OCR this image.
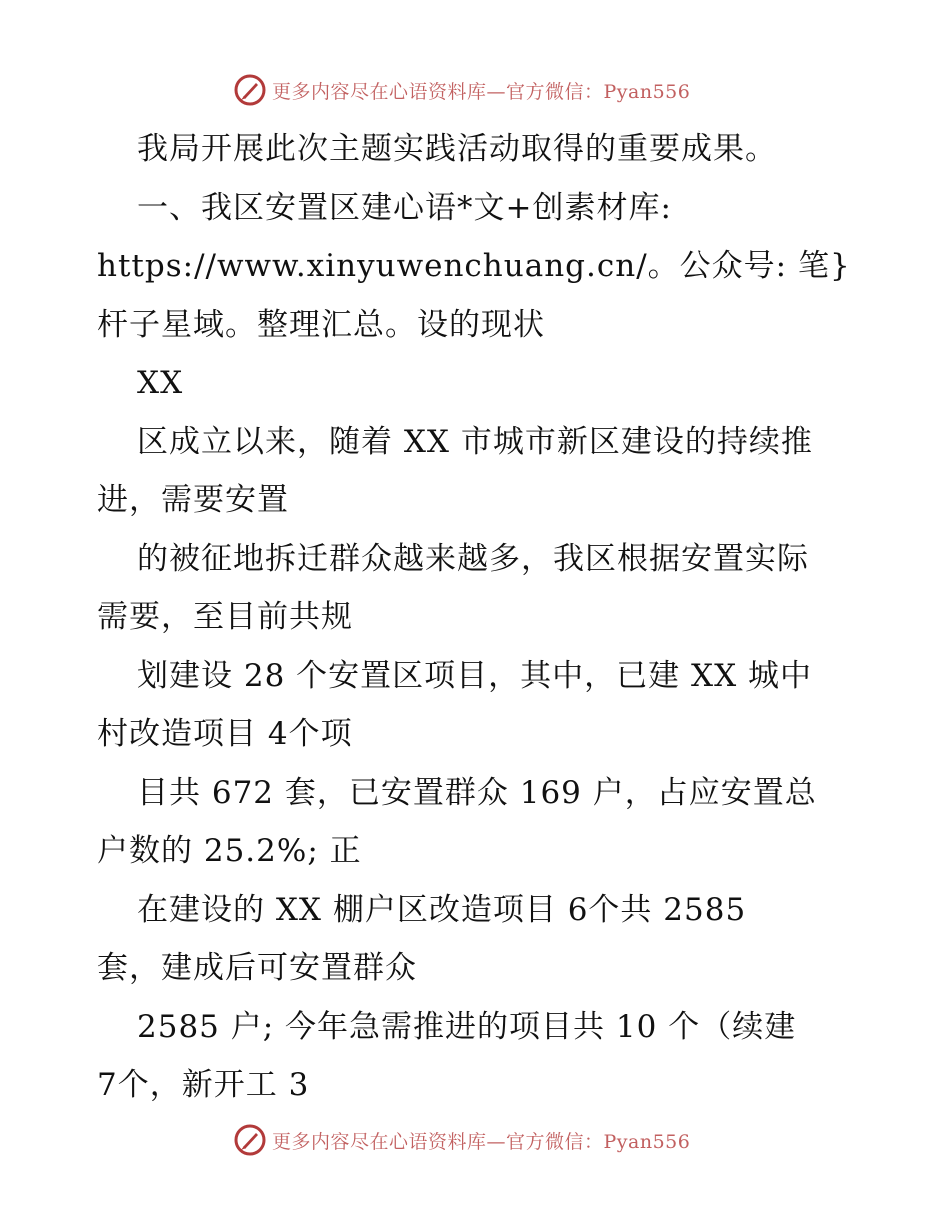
更多内容尽在心语资料库—官方微信：Pyan556
我局开展此次主题实践活动取得的重要成果。
一、我区安置区建心语*文+创素材库:
https://www.xinyuwenchuang.cn/。公众号: 笔}
杆子星域。整理汇总。设的现状
XX
区成立以来，随着 XX 市城市新区建设的持续推
进，需要安置
的被征地拆迁群众越来越多，我区根据安置实际
需要，至目前共规
划建设 28 个安置区项目，其中，已建 XX 城中
村改造项目 4个项
目共 672 套，已安置群众 169 户，占应安置总
户数的 25.2%; 正
在建设的 XX 棚户区改造项目 6个共 2585
套，建成后可安置群众
2585 户; 今年急需推进的项目共 10 个（续建
7个，新开工 3
更多内容尽在心语资料库—官方微信：Pyan556
